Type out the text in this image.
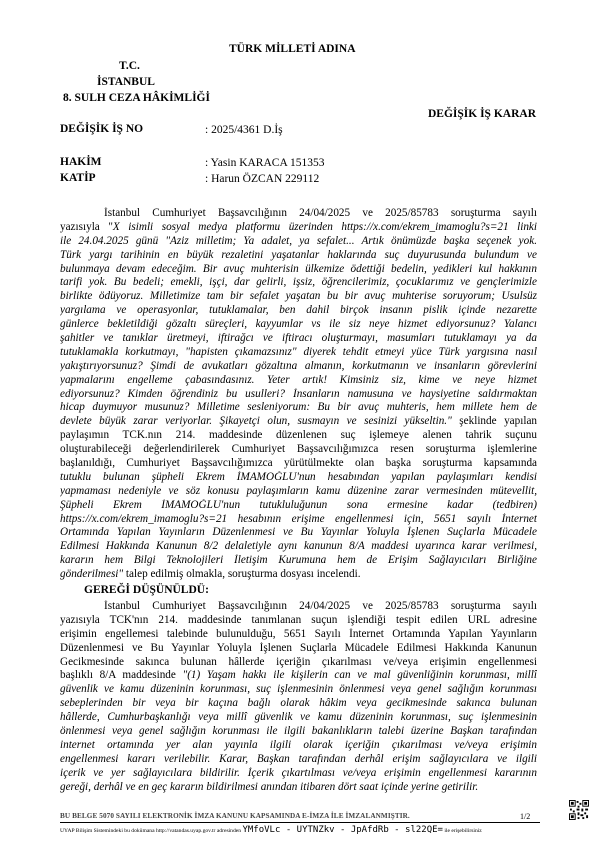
TÜRK MİLLETİ ADINA
T.C.
İSTANBUL
8. SULH CEZA HÂKİMLİĞİ
DEĞİŞİK İŞ KARAR
DEĞİŞİK İŞ NO	: 2025/4361 D.İş
HAKİM	: Yasin KARACA 151353
KATİP	: Harun ÖZCAN 229112
İstanbul Cumhuriyet Başsavcılığının 24/04/2025 ve 2025/85783 soruşturma sayılı
yazısıyla "X isimli sosyal medya platformu üzerinden https://x.com/ekrem_imamoglu?s=21 linki
ile 24.04.2025 günü "Aziz milletim; Ya adalet, ya sefalet... Artık önümüzde başka seçenek yok.
Türk yargı tarihinin en büyük rezaletini yaşatanlar haklarında suç duyurusunda bulundum ve
bulunmaya devam edeceğim. Bir avuç muhterisin ülkemize ödettiği bedelin, yedikleri kul hakkının
tarifi yok. Bu bedeli; emekli, işçi, dar gelirli, işsiz, öğrencilerimiz, çocuklarımız ve gençlerimizle
birlikte ödüyoruz. Milletimize tam bir sefalet yaşatan bu bir avuç muhterise soruyorum; Usulsüz
yargılama ve operasyonlar, tutuklamalar, ben dahil birçok insanın pislik içinde nezarette
günlerce bekletildiği gözaltı süreçleri, kayyumlar vs ile siz neye hizmet ediyorsunuz? Yalancı
şahitler ve tanıklar üretmeyi, iftirağcı ve iftiracı oluşturmayı, masumları tutuklamayı ya da
tutuklamakla korkutmayı, "hapisten çıkamazsınız" diyerek tehdit etmeyi yüce Türk yargısına nasıl
yakıştırıyorsunuz? Şimdi de avukatları gözaltına almanın, korkutmanın ve insanların görevlerini
yapmalarını engelleme çabasındasınız. Yeter artık! Kimsiniz siz, kime ve neye hizmet
ediyorsunuz? Kimden öğrendiniz bu usulleri? İnsanların namusuna ve haysiyetine saldırmaktan
hicap duymuyor musunuz? Milletime sesleniyorum: Bu bir avuç muhteris, hem millete hem de
devlete büyük zarar veriyorlar. Şikayetçi olun, susmayın ve sesinizi yükseltin." şeklinde yapılan
paylaşımın TCK.nın 214. maddesinde düzenlenen suç işlemeye alenen tahrik suçunu
oluşturabileceği değerlendirilerek Cumhuriyet Başsavcılığımızca resen soruşturma işlemlerine
başlanıldığı, Cumhuriyet Başsavcılığımızca yürütülmekte olan başka soruşturma kapsamında
tutuklu bulunan şüpheli Ekrem İMAMOĞLU'nun hesabından yapılan paylaşımları kendisi
yapmaması nedeniyle ve söz konusu paylaşımların kamu düzenine zarar vermesinden mütevellit,
Şüpheli Ekrem İMAMOĞLU'nun tutukluluğunun sona ermesine kadar (tedbiren)
https://x.com/ekrem_imamoglu?s=21 hesabının erişime engellenmesi için, 5651 sayılı İnternet
Ortamında Yapılan Yayınların Düzenlenmesi ve Bu Yayınlar Yoluyla İşlenen Suçlarla Mücadele
Edilmesi Hakkında Kanunun 8/2 delaletiyle aynı kanunun 8/A maddesi uyarınca karar verilmesi,
kararın hem Bilgi Teknolojileri İletişim Kurumuna hem de Erişim Sağlayıcıları Birliğine
gönderilmesi" talep edilmiş olmakla, soruşturma dosyası incelendi.
GEREĞİ DÜŞÜNÜLDÜ:
İstanbul Cumhuriyet Başsavcılığının 24/04/2025 ve 2025/85783 soruşturma sayılı
yazısıyla TCK'nın 214. maddesinde tanımlanan suçun işlendiği tespit edilen URL adresine
erişimin engellemesi talebinde bulunulduğu, 5651 Sayılı İnternet Ortamında Yapılan Yayınların
Düzenlenmesi ve Bu Yayınlar Yoluyla İşlenen Suçlarla Mücadele Edilmesi Hakkında Kanunun
Gecikmesinde sakınca bulunan hâllerde içeriğin çıkarılması ve/veya erişimin engellenmesi
başlıklı 8/A maddesinde "(1) Yaşam hakkı ile kişilerin can ve mal güvenliğinin korunması, millî
güvenlik ve kamu düzeninin korunması, suç işlenmesinin önlenmesi veya genel sağlığın korunması
sebeplerinden bir veya bir kaçına bağlı olarak hâkim veya gecikmesinde sakınca bulunan
hâllerde, Cumhurbaşkanlığı veya millî güvenlik ve kamu düzeninin korunması, suç işlenmesinin
önlenmesi veya genel sağlığın korunması ile ilgili bakanlıkların talebi üzerine Başkan tarafından
internet ortamında yer alan yayınla ilgili olarak içeriğin çıkarılması ve/veya erişimin
engellenmesi kararı verilebilir. Karar, Başkan tarafından derhâl erişim sağlayıcılara ve ilgili
içerik ve yer sağlayıcılara bildirilir. İçerik çıkartılması ve/veya erişimin engellenmesi kararının
gereği, derhâl ve en geç kararın bildirilmesi anından itibaren dört saat içinde yerine getirilir.
BU BELGE 5070 SAYILI ELEKTRONİK İMZA KANUNU KAPSAMINDA E-İMZA İLE İMZALANMIŞTIR.	1/2
UYAP Bilişim Sistemindeki bu dokümana http://vatandas.uyap.gov.tr adresinden YMfoVLc - UYTNZkv - JpAfdRb - sl22QE= ile erişebilirsiniz
